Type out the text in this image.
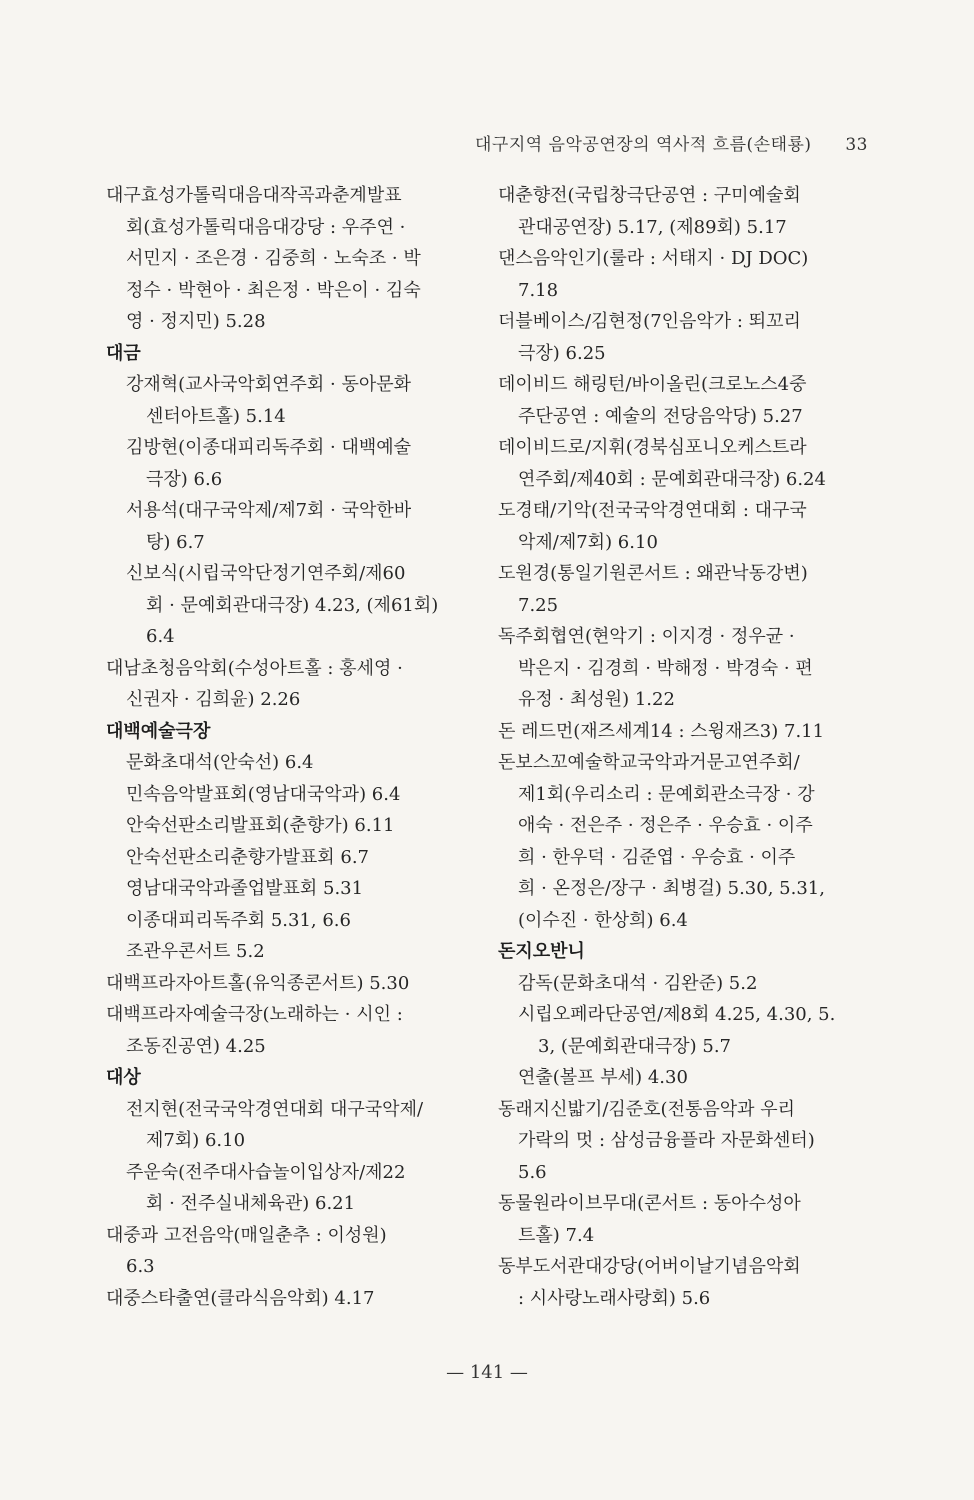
대구지역 음악공연장의 역사적 흐름(손태룡) 33
대구효성가톨릭대음대작곡과춘계발표
회(효성가톨릭대음대강당 : 우주연 ·
서민지 · 조은경 · 김중희 · 노숙조 · 박
정수 · 박현아 · 최은정 · 박은이 · 김숙
영 · 정지민) 5.28
대금
강재혁(교사국악회연주회 · 동아문화
센터아트홀) 5.14
김방현(이종대피리독주회 · 대백예술
극장) 6.6
서용석(대구국악제/제7회 · 국악한바
탕) 6.7
신보식(시립국악단정기연주회/제60
회 · 문예회관대극장) 4.23, (제61회)
6.4
대남초청음악회(수성아트홀 : 홍세영 ·
신권자 · 김희윤) 2.26
대백예술극장
문화초대석(안숙선) 6.4
민속음악발표회(영남대국악과) 6.4
안숙선판소리발표회(춘향가) 6.11
안숙선판소리춘향가발표회 6.7
영남대국악과졸업발표회 5.31
이종대피리독주회 5.31, 6.6
조관우콘서트 5.2
대백프라자아트홀(유익종콘서트) 5.30
대백프라자예술극장(노래하는 · 시인 :
조동진공연) 4.25
대상
전지현(전국국악경연대회 대구국악제/
제7회) 6.10
주운숙(전주대사습놀이입상자/제22
회 · 전주실내체육관) 6.21
대중과 고전음악(매일춘추 : 이성원)
6.3
대중스타출연(클라식음악회) 4.17
대춘향전(국립창극단공연 : 구미예술회
관대공연장) 5.17, (제89회) 5.17
댄스음악인기(룰라 : 서태지 · DJ DOC)
7.18
더블베이스/김현정(7인음악가 : 뙤꼬리
극장) 6.25
데이비드 해링턴/바이올린(크로노스4중
주단공연 : 예술의 전당음악당) 5.27
데이비드로/지휘(경북심포니오케스트라
연주회/제40회 : 문예회관대극장) 6.24
도경태/기악(전국국악경연대회 : 대구국
악제/제7회) 6.10
도원경(통일기원콘서트 : 왜관낙동강변)
7.25
독주회협연(현악기 : 이지경 · 정우균 ·
박은지 · 김경희 · 박해정 · 박경숙 · 편
유정 · 최성원) 1.22
돈 레드먼(재즈세계14 : 스윙재즈3) 7.11
돈보스꼬예술학교국악과거문고연주회/
제1회(우리소리 : 문예회관소극장 · 강
애숙 · 전은주 · 정은주 · 우승효 · 이주
희 · 한우덕 · 김준엽 · 우승효 · 이주
희 · 온정은/장구 · 최병걸) 5.30, 5.31,
(이수진 · 한상희) 6.4
돈지오반니
감독(문화초대석 · 김완준) 5.2
시립오페라단공연/제8회 4.25, 4.30, 5.
3, (문예회관대극장) 5.7
연출(볼프 부세) 4.30
동래지신밟기/김준호(전통음악과 우리
가락의 멋 : 삼성금융플라 자문화센터)
5.6
동물원라이브무대(콘서트 : 동아수성아
트홀) 7.4
동부도서관대강당(어버이날기념음악회
: 시사랑노래사랑회) 5.6
— 141 —
